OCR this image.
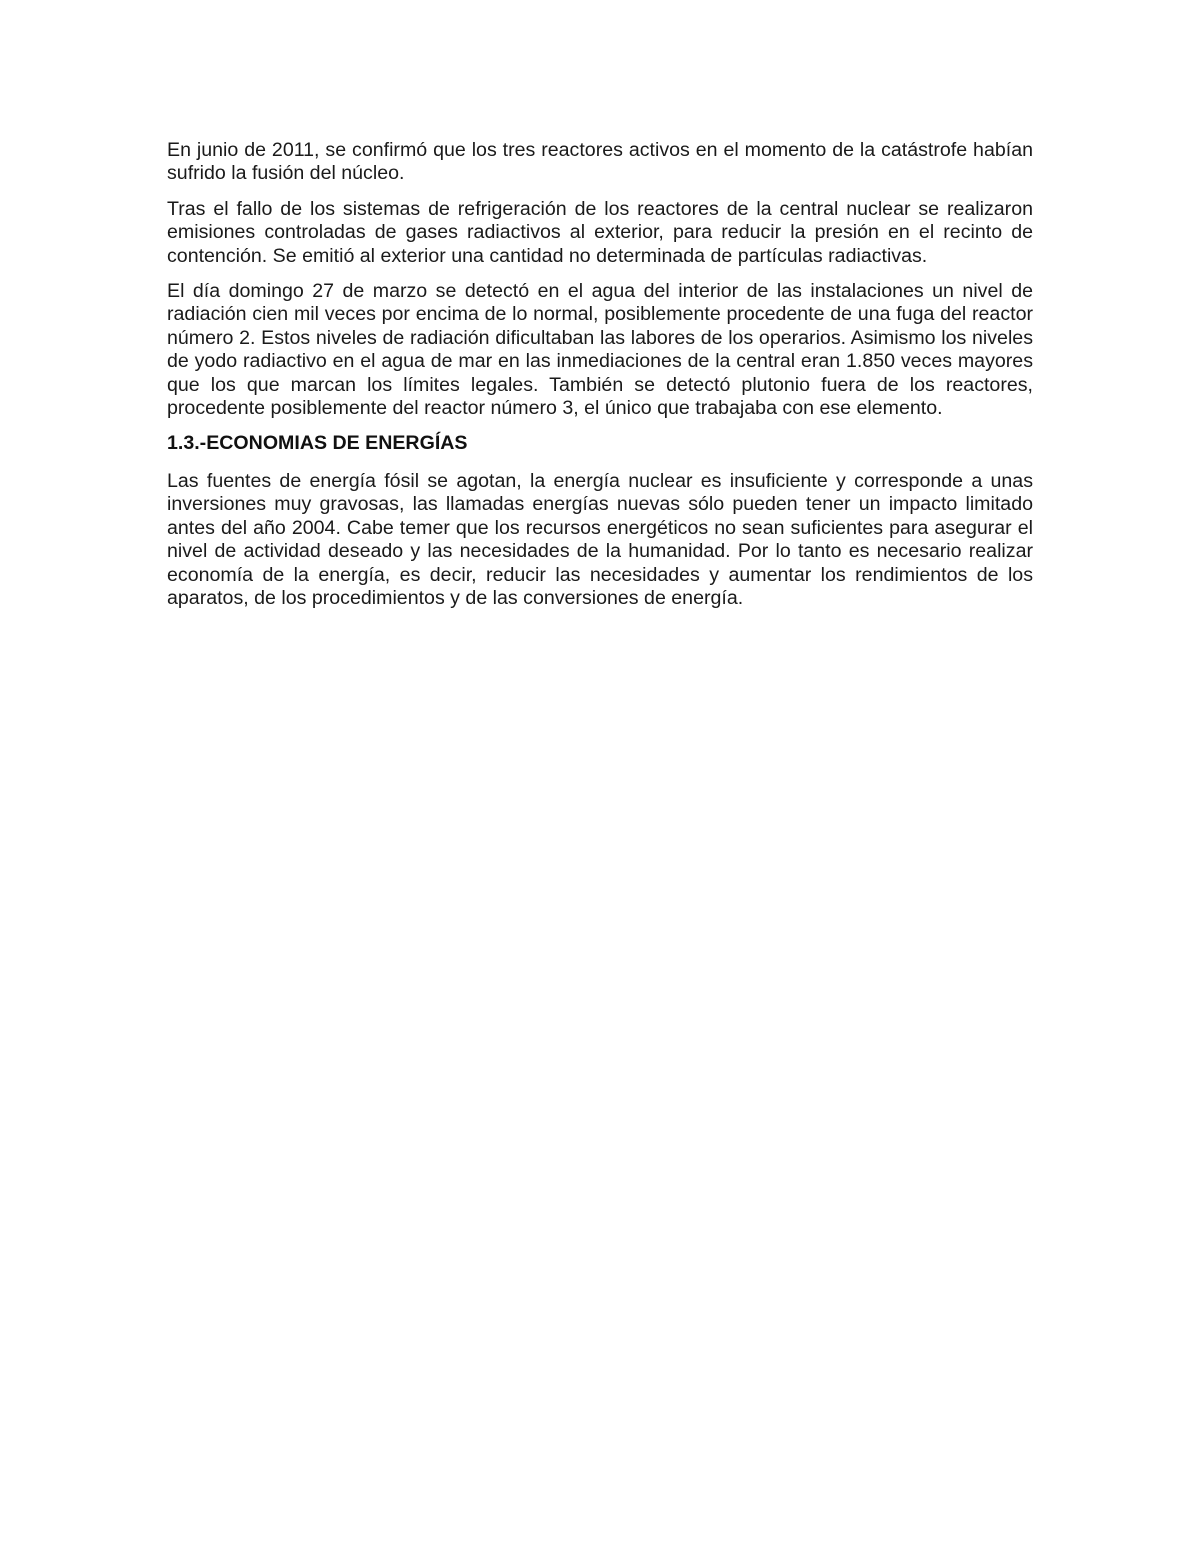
En junio de 2011, se confirmó que los tres reactores activos en el momento de la catástrofe habían sufrido la fusión del núcleo.

Tras el fallo de los sistemas de refrigeración de los reactores de la central nuclear se realizaron emisiones controladas de gases radiactivos al exterior, para reducir la presión en el recinto de contención. Se emitió al exterior una cantidad no determinada de partículas radiactivas.

El día domingo 27 de marzo se detectó en el agua del interior de las instalaciones un nivel de radiación cien mil veces por encima de lo normal, posiblemente procedente de una fuga del reactor número 2. Estos niveles de radiación dificultaban las labores de los operarios. Asimismo los niveles de yodo radiactivo en el agua de mar en las inmediaciones de la central eran 1.850 veces mayores que los que marcan los límites legales. También se detectó plutonio fuera de los reactores, procedente posiblemente del reactor número 3, el único que trabajaba con ese elemento.

1.3.-ECONOMIAS DE ENERGÍAS

Las fuentes de energía fósil se agotan, la energía nuclear es insuficiente y corresponde a unas inversiones muy gravosas, las llamadas energías nuevas sólo pueden tener un impacto limitado antes del año 2004. Cabe temer que los recursos energéticos no sean suficientes para asegurar el nivel de actividad deseado y las necesidades de la humanidad. Por lo tanto es necesario realizar economía de la energía, es decir, reducir las necesidades y aumentar los rendimientos de los aparatos, de los procedimientos y de las conversiones de energía.
